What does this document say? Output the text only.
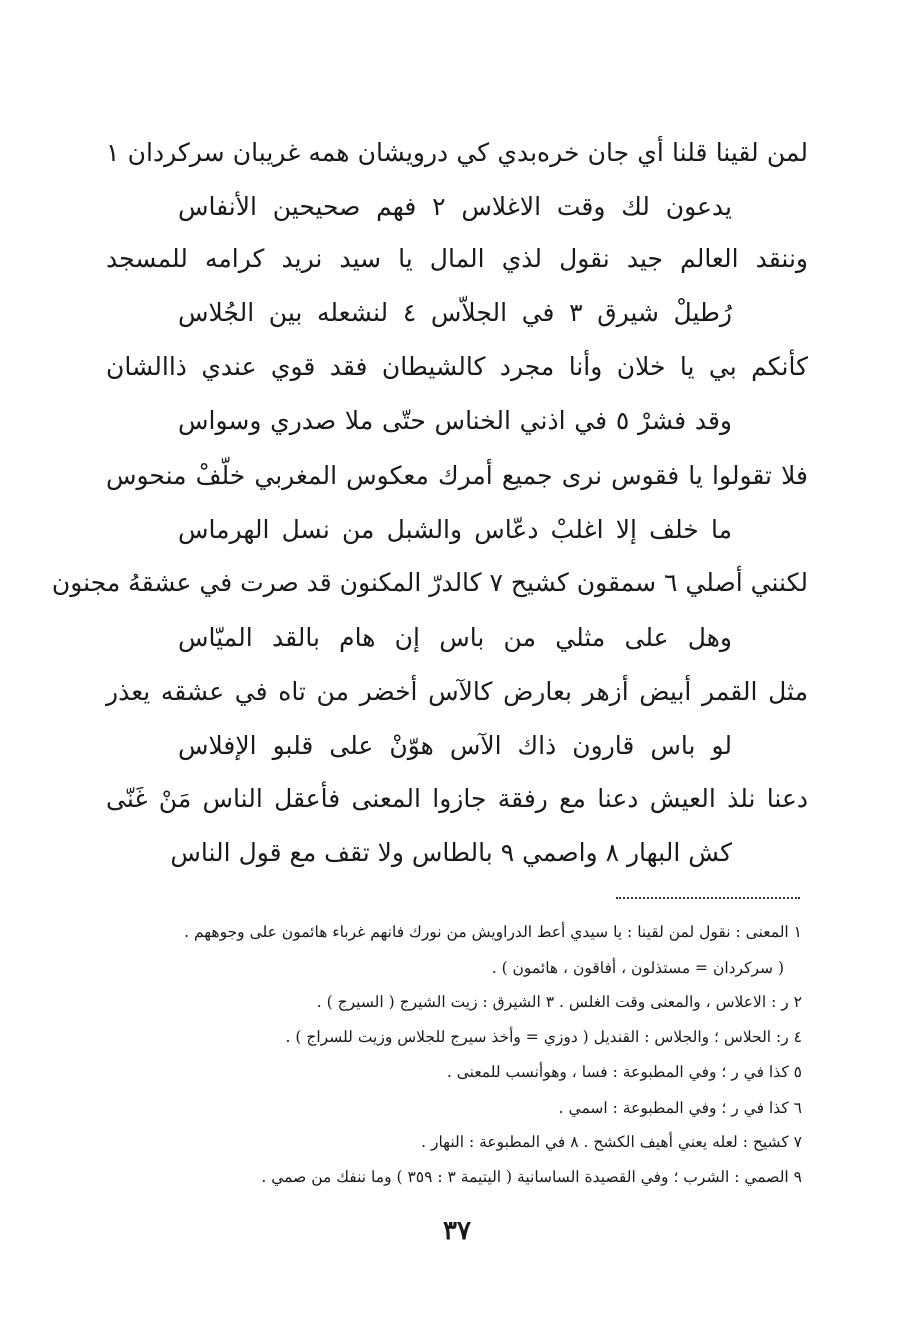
لمن لقينا قلنا أي جان خره‌بدي كي درويشان همه غريبان سركردان ١
يدعون لك وقت الاغلاس ٢ فهم صحيحين الأنفاس
وننقد العالم جيد نقول لذي المال يا سيد نريد كرامه للمسجد
رُطيلْ شيرق ٣ في الجلاّس ٤ لنشعله بين الجُلاس
كأنكم بي يا خلان وأنا مجرد كالشيطان فقد قوي عندي ذاالشان
وقد فشرْ ٥ في اذني الخناس حتّى ملا صدري وسواس
فلا تقولوا يا فقوس نرى جميع أمرك معكوس المغربي خلّفْ منحوس
ما خلف إلا اغلبْ دعّاس والشبل من نسل الهرماس
لكنني أصلي ٦ سمقون كشيح ٧ كالدرّ المكنون قد صرت في عشقهُ مجنون
وهل على مثلي من باس إن هام بالقد الميّاس
مثل القمر أبيض أزهر بعارض كالآس أخضر من تاه في عشقه يعذر
لو باس قارون ذاك الآس هوّنْ على قلبو الإفلاس
دعنا نلذ العيش دعنا مع رفقة جازوا المعنى فأعقل الناس مَنْ غَنّى
كش البهار ٨ واصمي ٩ بالطاس ولا تقف مع قول الناس
١ المعنى : نقول لمن لقينا : يا سيدي أعط الدراويش من نورك فانهم غرباء هائمون على وجوههم .
( سركردان = مستذلون ، أفاقون ، هائمون ) .
٢ ر : الاعلاس ، والمعنى وقت الغلس . ٣ الشيرق : زيت الشيرج ( السيرج ) .
٤ ر: الحلاس ؛ والجلاس : القنديل ( دوزي = وأخذ سيرج للجلاس وزيت للسراج ) .
٥ كذا في ر ؛ وفي المطبوعة : فسا ، وهوأنسب للمعنى .
٦ كذا في ر ؛ وفي المطبوعة : اسمي .
٧ كشيح : لعله يعني أهيف الكشح . ٨ في المطبوعة : النهار .
٩ الصمي : الشرب ؛ وفي القصيدة الساسانية ( اليتيمة ٣ : ٣٥٩ ) وما ننفك من صمي .
٣٧
